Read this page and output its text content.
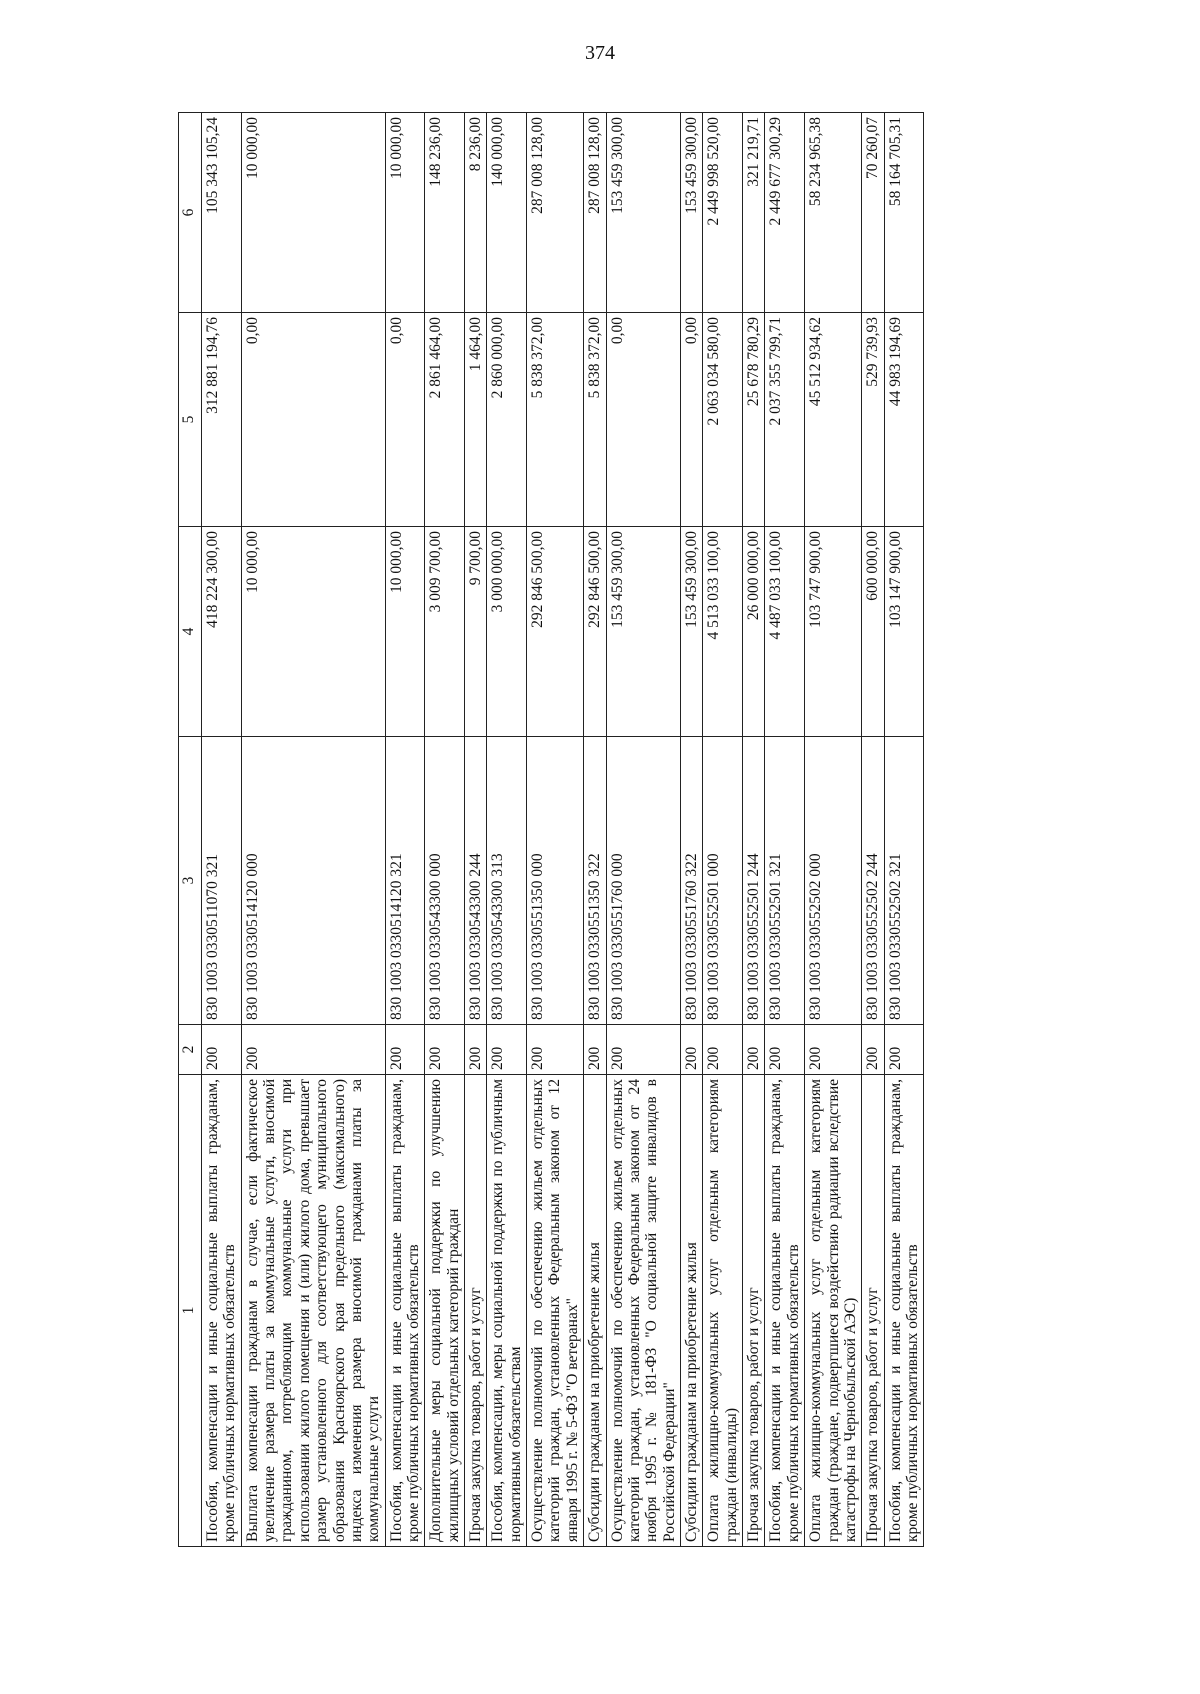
374
1	2	3	4	5	6
Пособия, компенсации и иные социальные выплаты гражданам, кроме публичных нормативных обязательств	200	830 1003 0330511070 321	418 224 300,00	312 881 194,76	105 343 105,24
Выплата компенсации гражданам в случае, если фактическое увеличение размера платы за коммунальные услуги, вносимой гражданином, потребляющим коммунальные услуги при использовании жилого помещения и (или) жилого дома, превышает размер установленного для соответствующего муниципального образования Красноярского края предельного (максимального) индекса изменения размера вносимой гражданами платы за коммунальные услуги	200	830 1003 0330514120 000	10 000,00	0,00	10 000,00
Пособия, компенсации и иные социальные выплаты гражданам, кроме публичных нормативных обязательств	200	830 1003 0330514120 321	10 000,00	0,00	10 000,00
Дополнительные меры социальной поддержки по улучшению жилищных условий отдельных категорий граждан	200	830 1003 0330543300 000	3 009 700,00	2 861 464,00	148 236,00
Прочая закупка товаров, работ и услуг	200	830 1003 0330543300 244	9 700,00	1 464,00	8 236,00
Пособия, компенсации, меры социальной поддержки по публичным нормативным обязательствам	200	830 1003 0330543300 313	3 000 000,00	2 860 000,00	140 000,00
Осуществление полномочий по обеспечению жильем отдельных категорий граждан, установленных Федеральным законом от 12 января 1995 г. № 5-ФЗ "О ветеранах"	200	830 1003 0330551350 000	292 846 500,00	5 838 372,00	287 008 128,00
Субсидии гражданам на приобретение жилья	200	830 1003 0330551350 322	292 846 500,00	5 838 372,00	287 008 128,00
Осуществление полномочий по обеспечению жильем отдельных категорий граждан, установленных Федеральным законом от 24 ноября 1995 г. № 181-ФЗ "О социальной защите инвалидов в Российской Федерации"	200	830 1003 0330551760 000	153 459 300,00	0,00	153 459 300,00
Субсидии гражданам на приобретение жилья	200	830 1003 0330551760 322	153 459 300,00	0,00	153 459 300,00
Оплата жилищно-коммунальных услуг отдельным категориям граждан (инвалиды)	200	830 1003 0330552501 000	4 513 033 100,00	2 063 034 580,00	2 449 998 520,00
Прочая закупка товаров, работ и услуг	200	830 1003 0330552501 244	26 000 000,00	25 678 780,29	321 219,71
Пособия, компенсации и иные социальные выплаты гражданам, кроме публичных нормативных обязательств	200	830 1003 0330552501 321	4 487 033 100,00	2 037 355 799,71	2 449 677 300,29
Оплата жилищно-коммунальных услуг отдельным категориям граждан (граждане, подвергшиеся воздействию радиации вследствие катастрофы на Чернобыльской АЭС)	200	830 1003 0330552502 000	103 747 900,00	45 512 934,62	58 234 965,38
Прочая закупка товаров, работ и услуг	200	830 1003 0330552502 244	600 000,00	529 739,93	70 260,07
Пособия, компенсации и иные социальные выплаты гражданам, кроме публичных нормативных обязательств	200	830 1003 0330552502 321	103 147 900,00	44 983 194,69	58 164 705,31
